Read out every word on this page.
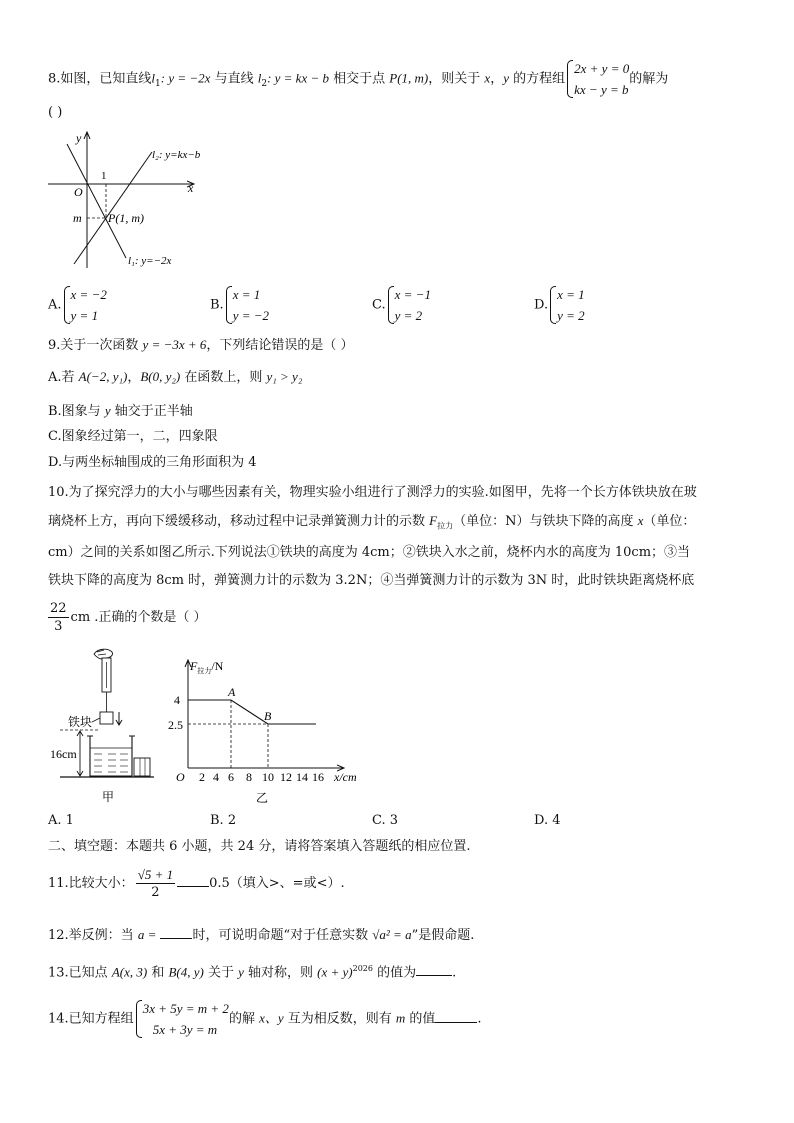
8.如图，已知直线$l_1$: y = −2x 与直线 $l_2$: y = kx − b 相交于点 P(1, m)，则关于 x，y 的方程组
2x + y = 0
kx − y = b
的解为
( )
y
x
O
1
m P(1, m)
l₂: y=kx−b
l₁: y=−2x
A.
x = −2
y = 1
B.
x = 1
y = −2
C.
x = −1
y = 2
D.
x = 1
y = 2
9.关于一次函数 y = −3x + 6，下列结论错误的是（ ）
A.若 A(−2, y₁)，B(0, y₂) 在函数上，则 y₁ > y₂
B.图象与 y 轴交于正半轴
C.图象经过第一，二，四象限
D.与两坐标轴围成的三角形面积为 4
10.为了探究浮力的大小与哪些因素有关，物理实验小组进行了测浮力的实验.如图甲，先将一个长方体铁块放在玻
璃烧杯上方，再向下缓缓移动，移动过程中记录弹簧测力计的示数 $F_{拉力}$（单位：N）与铁块下降的高度 x（单位：
cm）之间的关系如图乙所示.下列说法①铁块的高度为 4cm；②铁块入水之前，烧杯内水的高度为 10cm；③当
铁块下降的高度为 8cm 时，弹簧测力计的示数为 3.2N；④当弹簧测力计的示数为 3N 时，此时铁块距离烧杯底
$\frac{22}{3}$ cm .正确的个数是（ ）
铁块
16cm
甲
$F_{拉力}/N$
x/cm
O
4
2.5
2 4 6 8 10 12 14 16
A
B
乙
A. 1	B. 2	C. 3	D. 4
二、填空题：本题共 6 小题，共 24 分，请将答案填入答题纸的相应位置.
11.比较大小： $\frac{√5 + 1}{2}$	0.5（填入>、=或<）.
12.举反例：当 a =	时，可说明命题“对于任意实数 √a² = a”是假命题.
13.已知点 A(x, 3) 和 B(4, y) 关于 y 轴对称，则 $(x + y)^{2026}$ 的值为	.
14.已知方程组
3x + 5y = m + 2
5x + 3y = m
的解 x、y 互为相反数，则有 m 的值	.
